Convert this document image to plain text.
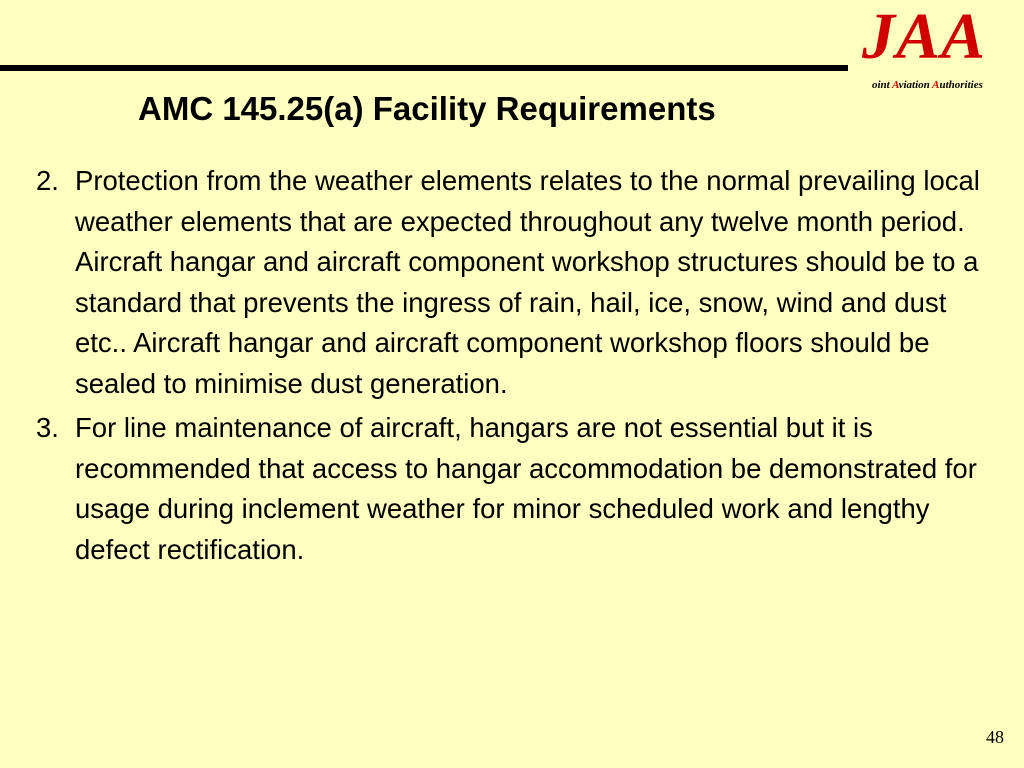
JAA
oint Aviation Authorities
AMC 145.25(a) Facility Requirements
2. Protection from the weather elements relates to the normal prevailing local weather elements that are expected throughout any twelve month period. Aircraft hangar and aircraft component workshop structures should be to a standard that prevents the ingress of rain, hail, ice, snow, wind and dust etc.. Aircraft hangar and aircraft component workshop floors should be sealed to minimise dust generation.
3. For line maintenance of aircraft, hangars are not essential but it is recommended that access to hangar accommodation be demonstrated for usage during inclement weather for minor scheduled work and lengthy defect rectification.
48
